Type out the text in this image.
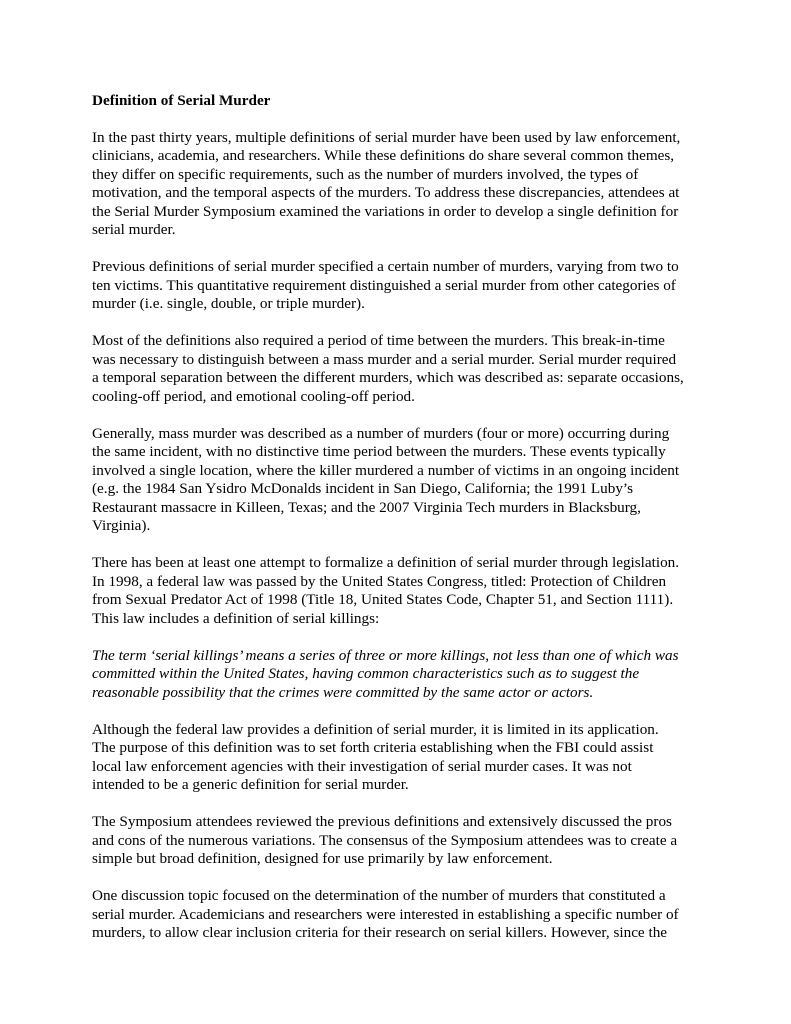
Definition of Serial Murder

In the past thirty years, multiple definitions of serial murder have been used by law enforcement,
clinicians, academia, and researchers. While these definitions do share several common themes,
they differ on specific requirements, such as the number of murders involved, the types of
motivation, and the temporal aspects of the murders. To address these discrepancies, attendees at
the Serial Murder Symposium examined the variations in order to develop a single definition for
serial murder.

Previous definitions of serial murder specified a certain number of murders, varying from two to
ten victims. This quantitative requirement distinguished a serial murder from other categories of
murder (i.e. single, double, or triple murder).

Most of the definitions also required a period of time between the murders. This break-in-time
was necessary to distinguish between a mass murder and a serial murder. Serial murder required
a temporal separation between the different murders, which was described as: separate occasions,
cooling-off period, and emotional cooling-off period.

Generally, mass murder was described as a number of murders (four or more) occurring during
the same incident, with no distinctive time period between the murders. These events typically
involved a single location, where the killer murdered a number of victims in an ongoing incident
(e.g. the 1984 San Ysidro McDonalds incident in San Diego, California; the 1991 Luby’s
Restaurant massacre in Killeen, Texas; and the 2007 Virginia Tech murders in Blacksburg,
Virginia).

There has been at least one attempt to formalize a definition of serial murder through legislation.
In 1998, a federal law was passed by the United States Congress, titled: Protection of Children
from Sexual Predator Act of 1998 (Title 18, United States Code, Chapter 51, and Section 1111).
This law includes a definition of serial killings:

The term ‘serial killings’ means a series of three or more killings, not less than one of which was
committed within the United States, having common characteristics such as to suggest the
reasonable possibility that the crimes were committed by the same actor or actors.

Although the federal law provides a definition of serial murder, it is limited in its application.
The purpose of this definition was to set forth criteria establishing when the FBI could assist
local law enforcement agencies with their investigation of serial murder cases. It was not
intended to be a generic definition for serial murder.

The Symposium attendees reviewed the previous definitions and extensively discussed the pros
and cons of the numerous variations. The consensus of the Symposium attendees was to create a
simple but broad definition, designed for use primarily by law enforcement.

One discussion topic focused on the determination of the number of murders that constituted a
serial murder. Academicians and researchers were interested in establishing a specific number of
murders, to allow clear inclusion criteria for their research on serial killers. However, since the
